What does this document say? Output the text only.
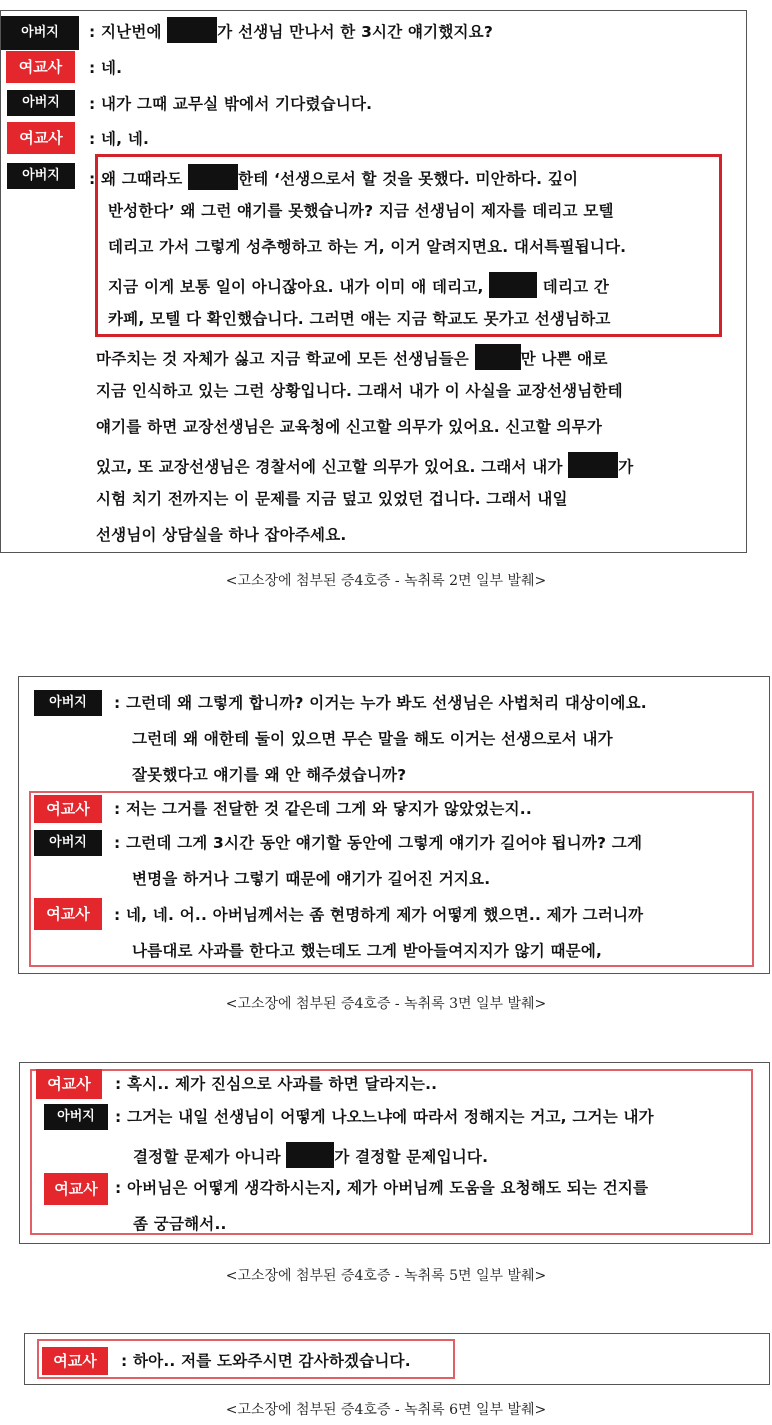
아버지	: 지난번에	가 선생님 만나서 한 3시간 얘기했지요?
여교사	: 네.
아버지	: 내가 그때 교무실 밖에서 기다렸습니다.
여교사	: 네, 네.
아버지	: 왜 그때라도	한테 ‘선생으로서 할 것을 못했다. 미안하다. 깊이
반성한다’ 왜 그런 얘기를 못했습니까? 지금 선생님이 제자를 데리고 모텔
데리고 가서 그렇게 성추행하고 하는 거, 이거 알려지면요. 대서특필됩니다.
지금 이게 보통 일이 아니잖아요. 내가 이미 애 데리고,	데리고 간
카페, 모텔 다 확인했습니다. 그러면 애는 지금 학교도 못가고 선생님하고
마주치는 것 자체가 싫고 지금 학교에 모든 선생님들은	만 나쁜 애로
지금 인식하고 있는 그런 상황입니다. 그래서 내가 이 사실을 교장선생님한테
얘기를 하면 교장선생님은 교육청에 신고할 의무가 있어요. 신고할 의무가
있고, 또 교장선생님은 경찰서에 신고할 의무가 있어요. 그래서 내가	가
시험 치기 전까지는 이 문제를 지금 덮고 있었던 겁니다. 그래서 내일
선생님이 상담실을 하나 잡아주세요.
<고소장에 첨부된 증4호증 - 녹취록 2면 일부 발췌>
아버지	: 그런데 왜 그렇게 합니까? 이거는 누가 봐도 선생님은 사법처리 대상이에요.
그런데 왜 애한테 둘이 있으면 무슨 말을 해도 이거는 선생으로서 내가
잘못했다고 얘기를 왜 안 해주셨습니까?
여교사	: 저는 그거를 전달한 것 같은데 그게 와 닿지가 않았었는지..
아버지	: 그런데 그게 3시간 동안 얘기할 동안에 그렇게 얘기가 길어야 됩니까? 그게
변명을 하거나 그렇기 때문에 얘기가 길어진 거지요.
여교사	: 네, 네. 어.. 아버님께서는 좀 현명하게 제가 어떻게 했으면.. 제가 그러니까
나름대로 사과를 한다고 했는데도 그게 받아들여지지가 않기 때문에,
<고소장에 첨부된 증4호증 - 녹취록 3면 일부 발췌>
여교사	: 혹시.. 제가 진심으로 사과를 하면 달라지는..
아버지	: 그거는 내일 선생님이 어떻게 나오느냐에 따라서 정해지는 거고, 그거는 내가
결정할 문제가 아니라	가 결정할 문제입니다.
여교사	: 아버님은 어떻게 생각하시는지, 제가 아버님께 도움을 요청해도 되는 건지를
좀 궁금해서..
<고소장에 첨부된 증4호증 - 녹취록 5면 일부 발췌>
여교사	: 하아.. 저를 도와주시면 감사하겠습니다.
<고소장에 첨부된 증4호증 - 녹취록 6면 일부 발췌>
